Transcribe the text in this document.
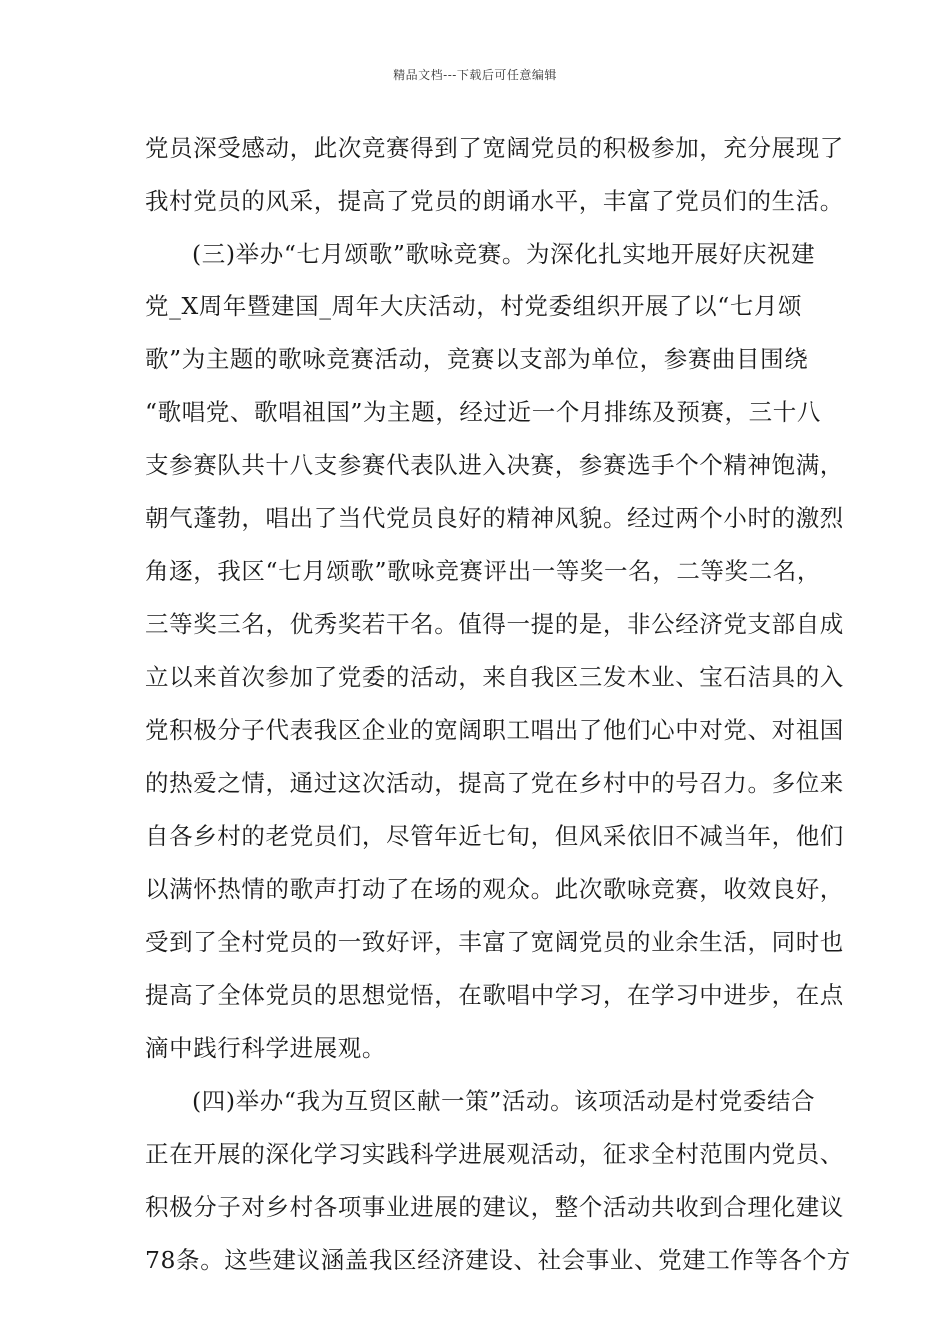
精品文档---下载后可任意编辑
党员深受感动，此次竞赛得到了宽阔党员的积极参加，充分展现了
我村党员的风采，提高了党员的朗诵水平，丰富了党员们的生活。
(三)举办“七月颂歌”歌咏竞赛。为深化扎实地开展好庆祝建
党_X周年暨建国_周年大庆活动，村党委组织开展了以“七月颂
歌”为主题的歌咏竞赛活动，竞赛以支部为单位，参赛曲目围绕
“歌唱党、歌唱祖国”为主题，经过近一个月排练及预赛，三十八
支参赛队共十八支参赛代表队进入决赛，参赛选手个个精神饱满，
朝气蓬勃，唱出了当代党员良好的精神风貌。经过两个小时的激烈
角逐，我区“七月颂歌”歌咏竞赛评出一等奖一名，二等奖二名，
三等奖三名，优秀奖若干名。值得一提的是，非公经济党支部自成
立以来首次参加了党委的活动，来自我区三发木业、宝石洁具的入
党积极分子代表我区企业的宽阔职工唱出了他们心中对党、对祖国
的热爱之情，通过这次活动，提高了党在乡村中的号召力。多位来
自各乡村的老党员们，尽管年近七旬，但风采依旧不减当年，他们
以满怀热情的歌声打动了在场的观众。此次歌咏竞赛，收效良好，
受到了全村党员的一致好评，丰富了宽阔党员的业余生活，同时也
提高了全体党员的思想觉悟，在歌唱中学习，在学习中进步，在点
滴中践行科学进展观。
(四)举办“我为互贸区献一策”活动。该项活动是村党委结合
正在开展的深化学习实践科学进展观活动，征求全村范围内党员、
积极分子对乡村各项事业进展的建议，整个活动共收到合理化建议
78条。这些建议涵盖我区经济建设、社会事业、党建工作等各个方
